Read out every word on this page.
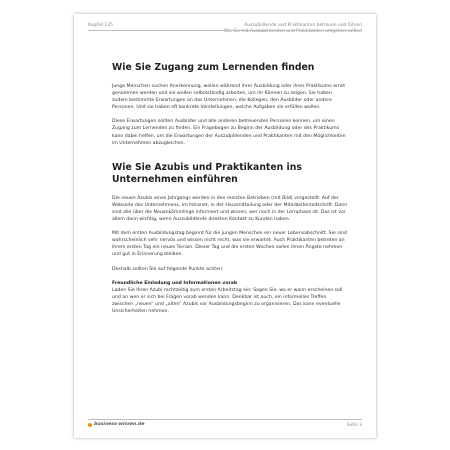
Kapitel 135	Auszubildende und Praktikanten betreuen und führen
Wie Sie mit Auszubildenden und Praktikanten umgehen sollten
Wie Sie Zugang zum Lernenden finden

Junge Menschen suchen Anerkennung, wollen während ihrer Ausbildung oder ihres Praktikums ernst genommen werden und sie wollen selbstständig arbeiten, um ihr Können zu zeigen. Sie haben zudem bestimmte Erwartungen an das Unternehmen, die Kollegen, den Ausbilder oder andere Personen. Und sie haben oft konkrete Vorstellungen, welche Aufgaben sie erfüllen wollen.

Diese Erwartungen sollten Ausbilder und alle anderen betreuenden Personen kennen, um einen Zugang zum Lernenden zu finden. Ein Fragebogen zu Beginn der Ausbildung oder des Praktikums kann dabei helfen, um die Erwartungen der Auszubildenden und Praktikanten mit den Möglichkeiten im Unternehmen abzugleichen.

Wie Sie Azubis und Praktikanten ins Unternehmen einführen

Die neuen Azubis eines Jahrgangs werden in den meisten Betrieben (mit Bild) vorgestellt: Auf der Webseite des Unternehmens, im Intranet, in der Hausmitteilung oder der Mitarbeiterzeitschrift. Dann sind alle über die Neuankömmlinge informiert und wissen, wer noch in der Lernphase ist. Das ist vor allem dann wichtig, wenn Auszubildende direkten Kontakt zu Kunden haben.

Mit dem ersten Ausbildungstag beginnt für die jungen Menschen ein neuer Lebensabschnitt. Sie sind wahrscheinlich sehr nervös und wissen nicht recht, was sie erwartet. Auch Praktikanten betreten an ihrem ersten Tag ein neues Terrain. Dieser Tag und die ersten Wochen sollen ihnen Ängste nehmen und gut in Erinnerung bleiben.

Deshalb sollten Sie auf folgende Punkte achten:

Freundliche Einladung und Informationen vorab

Laden Sie Ihren Azubi rechtzeitig zum ersten Arbeitstag ein: Sagen Sie, wo er wann erscheinen soll und an wen er sich bei Fragen vorab wenden kann. Denkbar ist auch, ein informelles Treffen zwischen „neuen“ und „alten“ Azubis vor Ausbildungsbeginn zu organisieren. Das kann eventuelle Unsicherheiten nehmen.

business-wissen.de	Seite 3
